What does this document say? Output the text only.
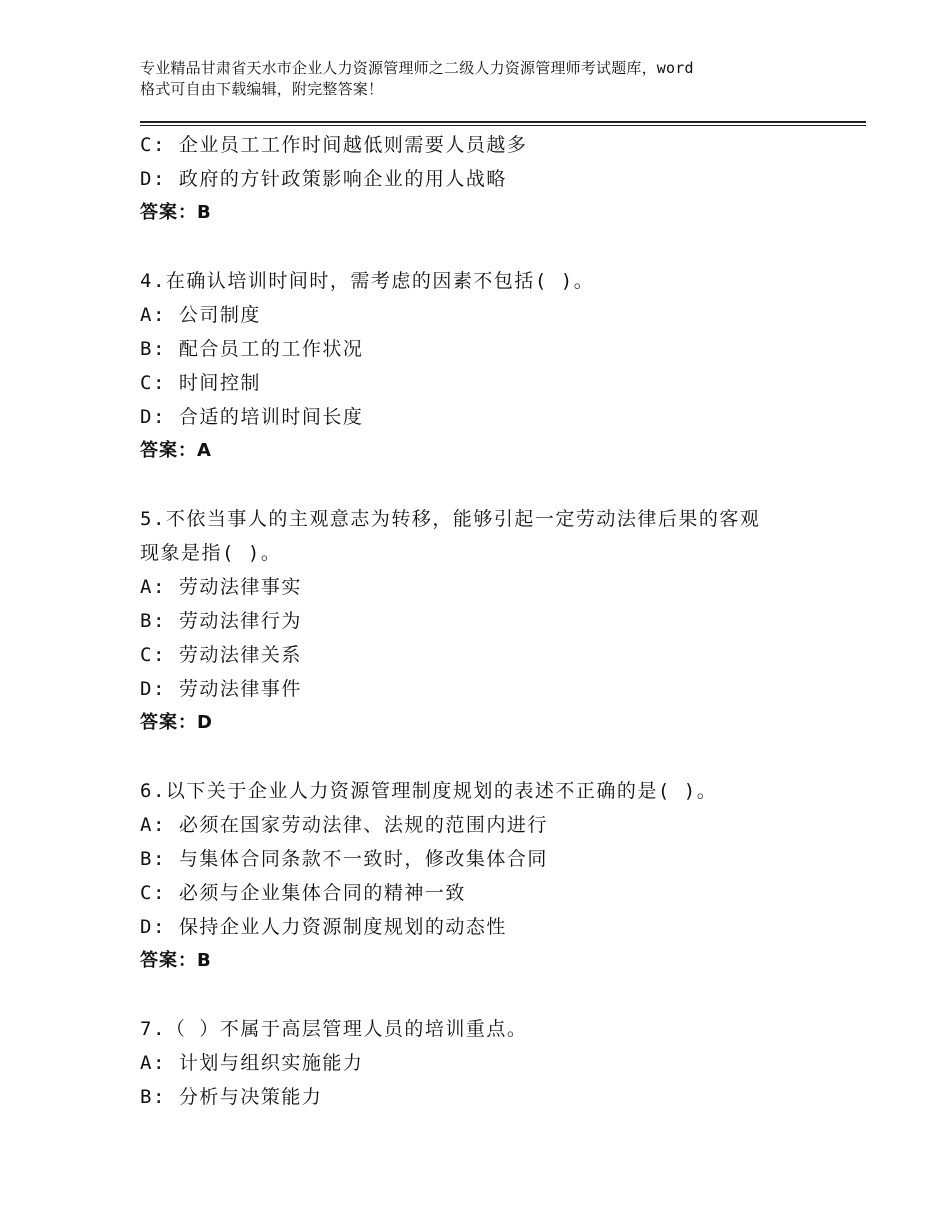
专业精品甘肃省天水市企业人力资源管理师之二级人力资源管理师考试题库，word
格式可自由下载编辑，附完整答案！
C: 企业员工工作时间越低则需要人员越多
D: 政府的方针政策影响企业的用人战略
答案：B
4.在确认培训时间时，需考虑的因素不包括( )。
A: 公司制度
B: 配合员工的工作状况
C: 时间控制
D: 合适的培训时间长度
答案：A
5.不依当事人的主观意志为转移，能够引起一定劳动法律后果的客观
现象是指( )。
A: 劳动法律事实
B: 劳动法律行为
C: 劳动法律关系
D: 劳动法律事件
答案：D
6.以下关于企业人力资源管理制度规划的表述不正确的是( )。
A: 必须在国家劳动法律、法规的范围内进行
B: 与集体合同条款不一致时，修改集体合同
C: 必须与企业集体合同的精神一致
D: 保持企业人力资源制度规划的动态性
答案：B
7.（ ）不属于高层管理人员的培训重点。
A: 计划与组织实施能力
B: 分析与决策能力
